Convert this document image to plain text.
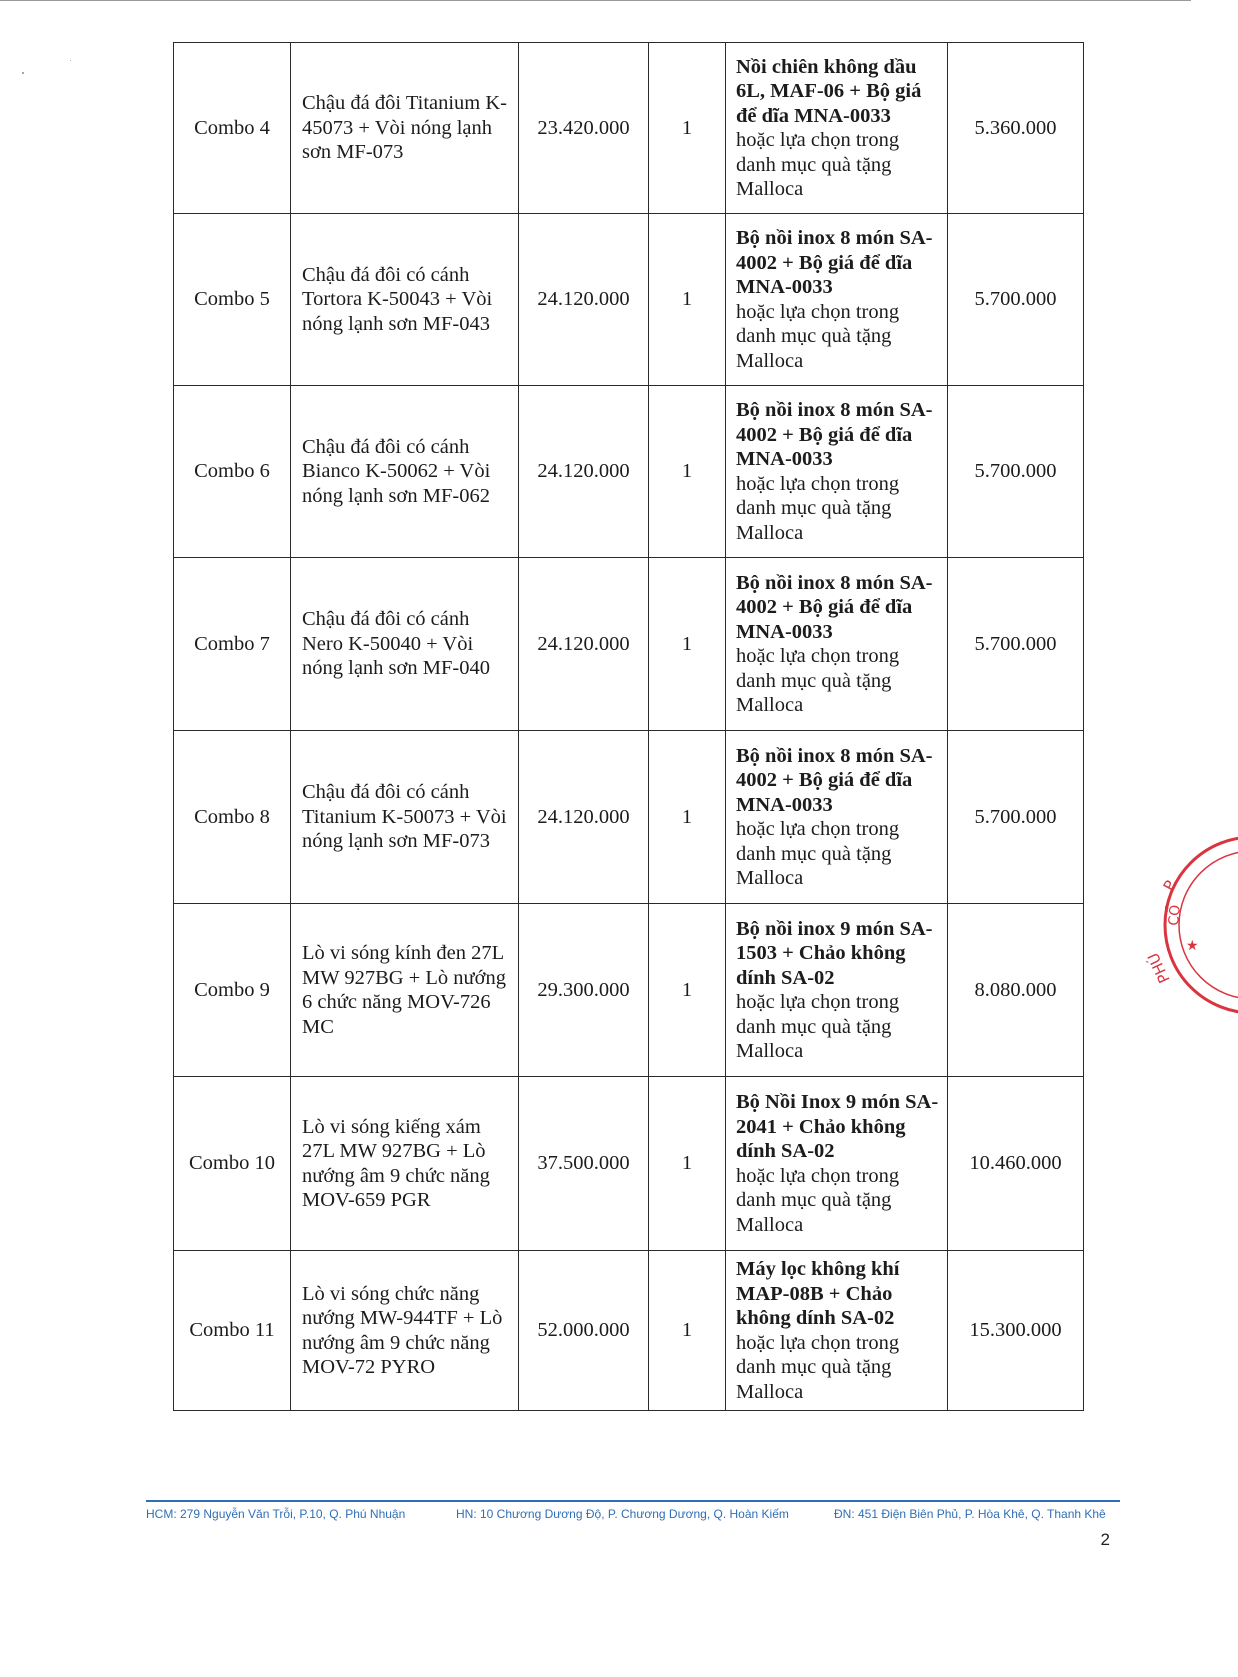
Combo 4	Chậu đá đôi Titanium K-45073 + Vòi nóng lạnh sơn MF-073	23.420.000	1	Nồi chiên không dầu 6L, MAF-06 + Bộ giá để dĩa MNA-0033
hoặc lựa chọn trong danh mục quà tặng Malloca	5.360.000
Combo 5	Chậu đá đôi có cánh Tortora K-50043 + Vòi nóng lạnh sơn MF-043	24.120.000	1	Bộ nồi inox 8 món SA-4002 + Bộ giá để dĩa MNA-0033
hoặc lựa chọn trong danh mục quà tặng Malloca	5.700.000
Combo 6	Chậu đá đôi có cánh Bianco K-50062 + Vòi nóng lạnh sơn MF-062	24.120.000	1	Bộ nồi inox 8 món SA-4002 + Bộ giá để dĩa MNA-0033
hoặc lựa chọn trong danh mục quà tặng Malloca	5.700.000
Combo 7	Chậu đá đôi có cánh Nero K-50040 + Vòi nóng lạnh sơn MF-040	24.120.000	1	Bộ nồi inox 8 món SA-4002 + Bộ giá để dĩa MNA-0033
hoặc lựa chọn trong danh mục quà tặng Malloca	5.700.000
Combo 8	Chậu đá đôi có cánh Titanium K-50073 + Vòi nóng lạnh sơn MF-073	24.120.000	1	Bộ nồi inox 8 món SA-4002 + Bộ giá để dĩa MNA-0033
hoặc lựa chọn trong danh mục quà tặng Malloca	5.700.000
Combo 9	Lò vi sóng kính đen 27L MW 927BG + Lò nướng 6 chức năng MOV-726 MC	29.300.000	1	Bộ nồi inox 9 món SA-1503 + Chảo không dính SA-02
hoặc lựa chọn trong danh mục quà tặng Malloca	8.080.000
Combo 10	Lò vi sóng kiếng xám 27L MW 927BG + Lò nướng âm 9 chức năng MOV-659 PGR	37.500.000	1	Bộ Nồi Inox 9 món SA-2041 + Chảo không dính SA-02
hoặc lựa chọn trong danh mục quà tặng Malloca	10.460.000
Combo 11	Lò vi sóng chức năng nướng MW-944TF + Lò nướng âm 9 chức năng MOV-72 PYRO	52.000.000	1	Máy lọc không khí MAP-08B + Chảo không dính SA-02
hoặc lựa chọn trong danh mục quà tặng Malloca	15.300.000
P.
CỔ
★
PHÚ
HCM: 279 Nguyễn Văn Trỗi, P.10, Q. Phú Nhuận	HN: 10 Chương Dương Độ, P. Chương Dương, Q. Hoàn Kiếm	ĐN: 451 Điện Biên Phủ, P. Hòa Khê, Q. Thanh Khê
2
